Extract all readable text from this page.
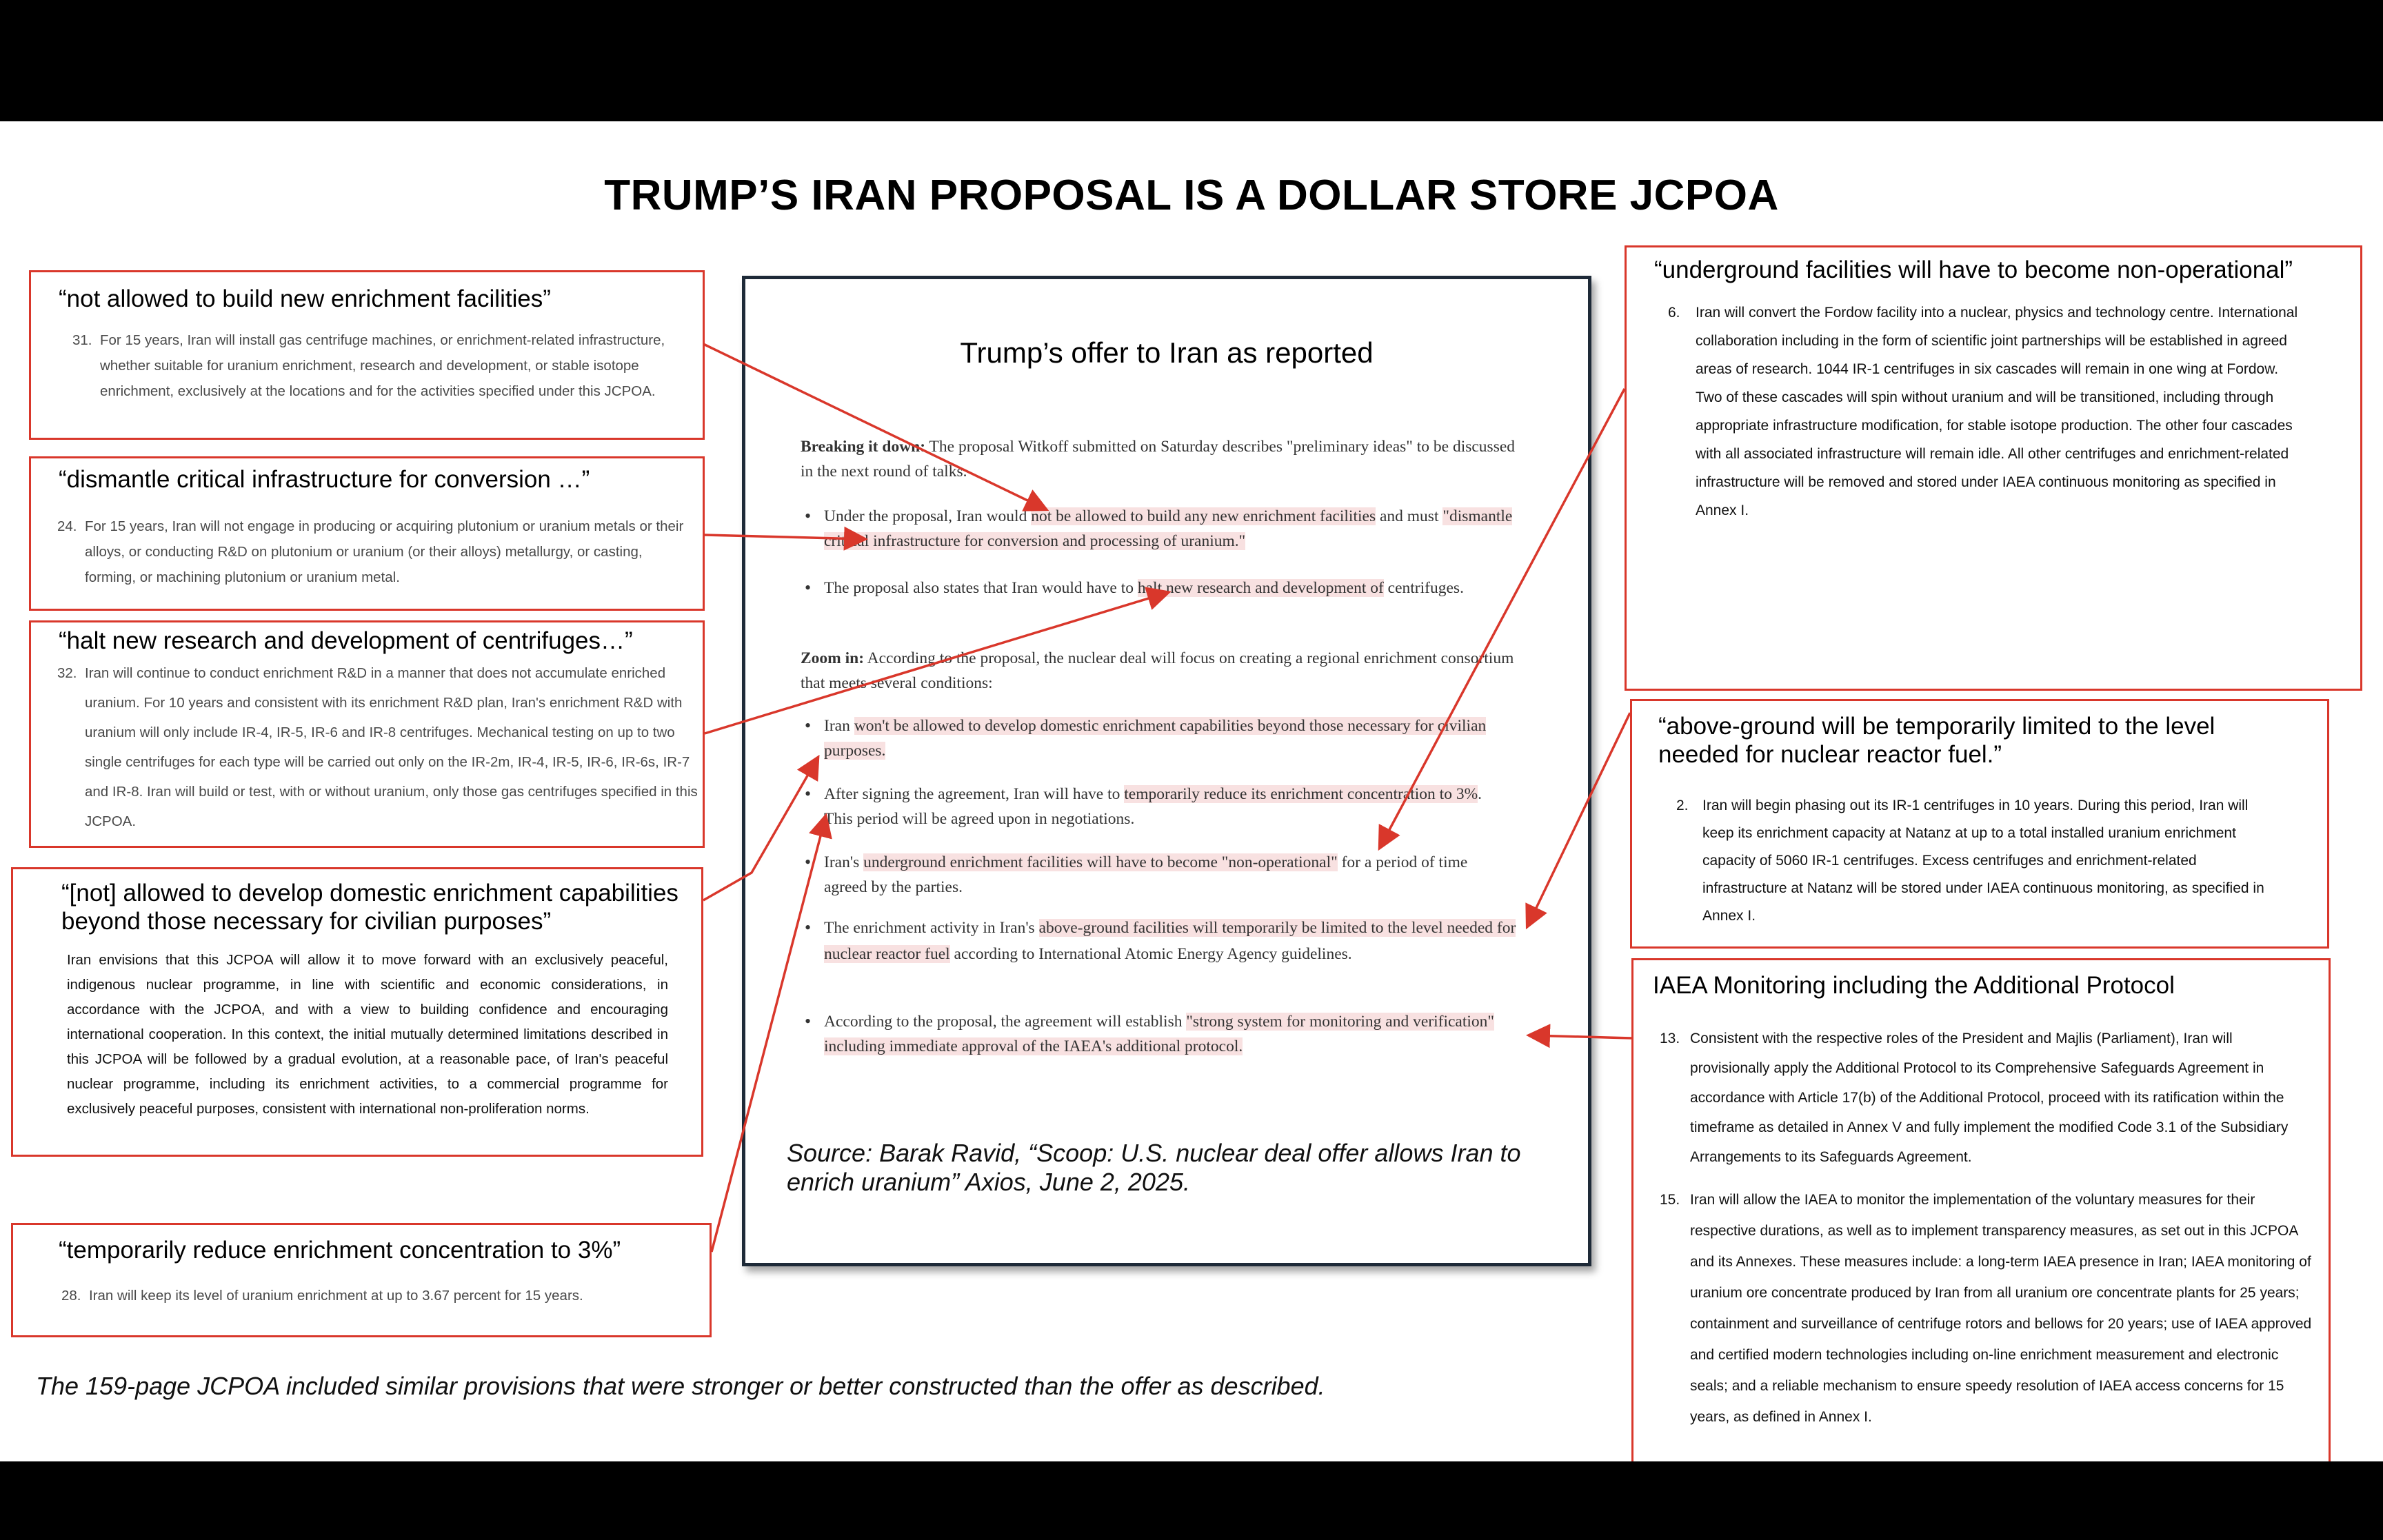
TRUMP’S IRAN PROPOSAL IS A DOLLAR STORE JCPOA
“not allowed to build new enrichment facilities”
31. For 15 years, Iran will install gas centrifuge machines, or enrichment-related infrastructure, whether suitable for uranium enrichment, research and development, or stable isotope enrichment, exclusively at the locations and for the activities specified under this JCPOA.
“dismantle critical infrastructure for conversion …”
24. For 15 years, Iran will not engage in producing or acquiring plutonium or uranium metals or their alloys, or conducting R&D on plutonium or uranium (or their alloys) metallurgy, or casting, forming, or machining plutonium or uranium metal.
“halt new research and development of centrifuges…”
32. Iran will continue to conduct enrichment R&D in a manner that does not accumulate enriched uranium. For 10 years and consistent with its enrichment R&D plan, Iran's enrichment R&D with uranium will only include IR-4, IR-5, IR-6 and IR-8 centrifuges. Mechanical testing on up to two single centrifuges for each type will be carried out only on the IR-2m, IR-4, IR-5, IR-6, IR-6s, IR-7 and IR-8. Iran will build or test, with or without uranium, only those gas centrifuges specified in this JCPOA.
“[not] allowed to develop domestic enrichment capabilities beyond those necessary for civilian purposes”
Iran envisions that this JCPOA will allow it to move forward with an exclusively peaceful, indigenous nuclear programme, in line with scientific and economic considerations, in accordance with the JCPOA, and with a view to building confidence and encouraging international cooperation. In this context, the initial mutually determined limitations described in this JCPOA will be followed by a gradual evolution, at a reasonable pace, of Iran's peaceful nuclear programme, including its enrichment activities, to a commercial programme for exclusively peaceful purposes, consistent with international non-proliferation norms.
“temporarily reduce enrichment concentration to 3%”
28. Iran will keep its level of uranium enrichment at up to 3.67 percent for 15 years.
Trump’s offer to Iran as reported
Breaking it down: The proposal Witkoff submitted on Saturday describes "preliminary ideas" to be discussed in the next round of talks.
• Under the proposal, Iran would not be allowed to build any new enrichment facilities and must "dismantle critical infrastructure for conversion and processing of uranium."
• The proposal also states that Iran would have to halt new research and development of centrifuges.
Zoom in: According to the proposal, the nuclear deal will focus on creating a regional enrichment consortium that meets several conditions:
• Iran won't be allowed to develop domestic enrichment capabilities beyond those necessary for civilian purposes.
• After signing the agreement, Iran will have to temporarily reduce its enrichment concentration to 3%. This period will be agreed upon in negotiations.
• Iran's underground enrichment facilities will have to become "non-operational" for a period of time agreed by the parties.
• The enrichment activity in Iran's above-ground facilities will temporarily be limited to the level needed for nuclear reactor fuel according to International Atomic Energy Agency guidelines.
• According to the proposal, the agreement will establish "strong system for monitoring and verification" including immediate approval of the IAEA's additional protocol.
Source: Barak Ravid, “Scoop: U.S. nuclear deal offer allows Iran to enrich uranium” Axios, June 2, 2025.
“underground facilities will have to become non-operational”
6. Iran will convert the Fordow facility into a nuclear, physics and technology centre. International collaboration including in the form of scientific joint partnerships will be established in agreed areas of research. 1044 IR-1 centrifuges in six cascades will remain in one wing at Fordow. Two of these cascades will spin without uranium and will be transitioned, including through appropriate infrastructure modification, for stable isotope production. The other four cascades with all associated infrastructure will remain idle. All other centrifuges and enrichment-related infrastructure will be removed and stored under IAEA continuous monitoring as specified in Annex I.
“above-ground will be temporarily limited to the level needed for nuclear reactor fuel.”
2. Iran will begin phasing out its IR-1 centrifuges in 10 years. During this period, Iran will keep its enrichment capacity at Natanz at up to a total installed uranium enrichment capacity of 5060 IR-1 centrifuges. Excess centrifuges and enrichment-related infrastructure at Natanz will be stored under IAEA continuous monitoring, as specified in Annex I.
IAEA Monitoring including the Additional Protocol
13. Consistent with the respective roles of the President and Majlis (Parliament), Iran will provisionally apply the Additional Protocol to its Comprehensive Safeguards Agreement in accordance with Article 17(b) of the Additional Protocol, proceed with its ratification within the timeframe as detailed in Annex V and fully implement the modified Code 3.1 of the Subsidiary Arrangements to its Safeguards Agreement.
15. Iran will allow the IAEA to monitor the implementation of the voluntary measures for their respective durations, as well as to implement transparency measures, as set out in this JCPOA and its Annexes. These measures include: a long-term IAEA presence in Iran; IAEA monitoring of uranium ore concentrate produced by Iran from all uranium ore concentrate plants for 25 years; containment and surveillance of centrifuge rotors and bellows for 20 years; use of IAEA approved and certified modern technologies including on-line enrichment measurement and electronic seals; and a reliable mechanism to ensure speedy resolution of IAEA access concerns for 15 years, as defined in Annex I.
The 159-page JCPOA included similar provisions that were stronger or better constructed than the offer as described.
